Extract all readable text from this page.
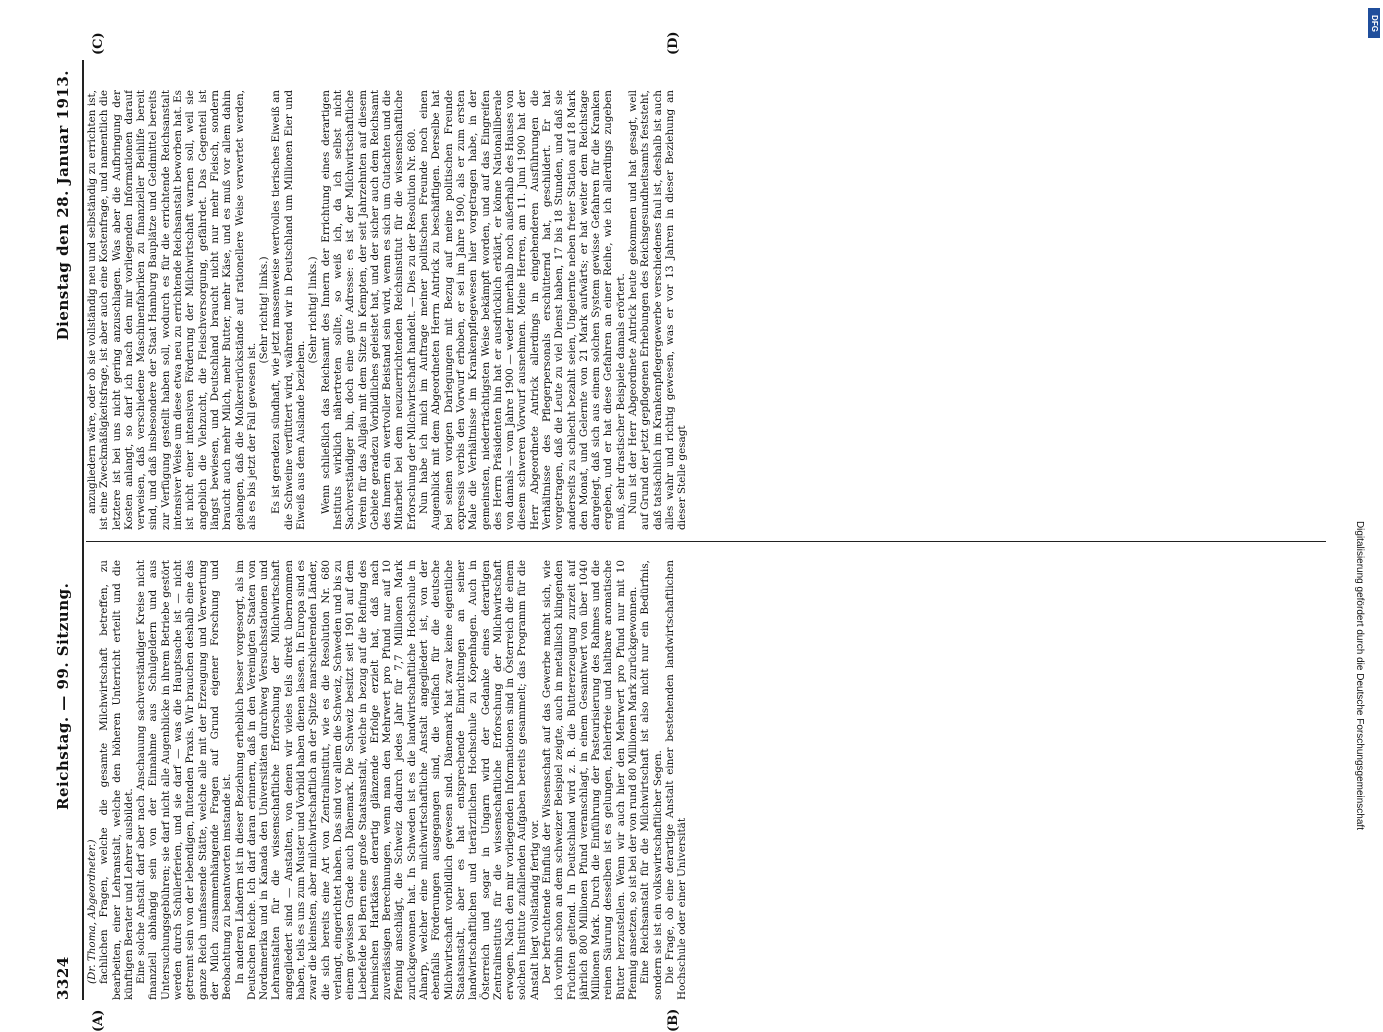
3324
Reichstag. — 99. Sitzung.
Dienstag den 28. Januar 1913.
(A)	(B)
(C)	(D)

(Dr. Thoma, Abgeordneter.) fachlichen Fragen, welche die gesamte Milchwirtschaft betreffen, zu bearbeiten, einer Lehranstalt, welche den höheren Unterricht erteilt und die künftigen Berater und Lehrer ausbildet. Eine solche Anstalt darf aber nach Anschauung sachverständiger Kreise nicht finanziell abhängig sein von der Einnahme aus Schulgeldern und aus Untersuchungsgebühren; sie darf nicht alle Augenblicke in ihrem Betriebe gestört werden durch Schülerferien, und sie darf — was die Hauptsache ist — nicht getrennt sein von der lebendigen, flutenden Praxis. Wir brauchen deshalb eine das ganze Reich umfassende Stätte, welche alle mit der Erzeugung und Verwertung der Milch zusammenhängende Fragen auf Grund eigener Forschung und Beobachtung zu beantworten imstande ist. In anderen Ländern ist in dieser Beziehung erheblich besser vorgesorgt, als im Deutschen Reiche. Ich darf daran erinnern, daß in den Vereinigten Staaten von Nordamerika und in Kanada den Universitäten durchweg Versuchsstationen und Lehranstalten für die wissenschaftliche Erforschung der Milchwirtschaft angegliedert sind — Anstalten, von denen wir vieles teils direkt übernommen haben, teils es uns zum Muster und Vorbild haben dienen lassen. In Europa sind es zwar die kleinsten, aber milchwirtschaftlich an der Spitze marschierenden Länder, die sich bereits eine Art von Zentralinstitut, wie es die Resolution Nr. 680 verlangt, eingerichtet haben. Das sind vor allem die Schweiz, Schweden und bis zu einem gewissen Grade auch Dänemark. Die Schweiz besitzt seit 1901 auf dem Liebefelde bei Bern eine große Staatsanstalt, welche in bezug auf die Reifung des heimischen Hartkäses derartig glänzende Erfolge erzielt hat, daß nach zuverlässigen Berechnungen, wenn man den Mehrwert pro Pfund nur auf 10 Pfennig anschlägt, die Schweiz dadurch jedes Jahr für 7,7 Millionen Mark zurückgewonnen hat. In Schweden ist es die landwirtschaftliche Hochschule in Alnarp, welcher eine milchwirtschaftliche Anstalt angegliedert ist, von der ebenfalls Förderungen ausgegangen sind, die vielfach für die deutsche Milchwirtschaft vorbildlich gewesen sind. Dänemark hat zwar keine eigentliche Staatsanstalt, aber es hat entsprechende Einrichtungen an seiner landwirtschaftlichen und tierärztlichen Hochschule zu Kopenhagen. Auch in Österreich und sogar in Ungarn wird der Gedanke eines derartigen Zentralinstituts für die wissenschaftliche Erforschung der Milchwirtschaft erwogen. Nach den mir vorliegenden Informationen sind in Österreich die einem solchen Institute zufallenden Aufgaben bereits gesammelt; das Programm für die Anstalt liegt vollständig fertig vor. Der befruchtende Einfluß der Wissenschaft auf das Gewerbe macht sich, wie ich vorhin schon an dem schweizer Beispiel zeigte, auch in metallisch klingenden Früchten geltend. In Deutschland wird z. B. die Buttererzeugung zurzeit auf jährlich 800 Millionen Pfund veranschlagt, in einem Gesamtwert von über 1040 Millionen Mark. Durch die Einführung der Pasteurisierung des Rahmes und die reinen Säurung desselben ist es gelungen, fehlerfreie und haltbare aromatische Butter herzustellen. Wenn wir auch hier den Mehrwert pro Pfund nur mit 10 Pfennig ansetzen, so ist bei der von rund 80 Millionen Mark zurückgewonnen. Eine Reichsanstalt für die Milchwirtschaft ist also nicht nur ein Bedürfnis, sondern sie ist ein volkswirtschaftlicher Segen. Die Frage, ob eine derartige Anstalt einer bestehenden landwirtschaftlichen Hochschule oder einer Universität

anzugliedern wäre, oder ob sie vollständig neu und selbständig zu errichten ist, ist eine Zweckmäßigkeitsfrage, ist aber auch eine Kostenfrage, und namentlich die letztere ist bei uns nicht gering anzuschlagen. Was aber die Aufbringung der Kosten anlangt, so darf ich nach den mir vorliegenden Informationen darauf verweisen, daß verschiedene Maschinenfabriken zu finanzieller Beihilfe bereit sind, und daß insbesondere der Staat Hamburg Bauplätze und Geldmittel bereits zur Verfügung gestellt haben soll, wodurch es für die errichtende Reichsanstalt intensiver Weise um diese etwa neu zu errichtende Reichsanstalt beworben hat. Es ist nicht einer intensiven Förderung der Milchwirtschaft warnen soll, weil sie angeblich die Viehzucht, die Fleischversorgung, gefährdet. Das Gegenteil ist längst bewiesen, und Deutschland braucht nicht nur mehr Fleisch, sondern braucht auch mehr Milch, mehr Butter, mehr Käse, und es muß vor allem dahin gelangen, daß die Molkereirückstände auf rationellere Weise verwertet werden, als es bis jetzt der Fall gewesen ist.

(Sehr richtig! links.) Es ist geradezu sündhaft, wie jetzt massenweise wertvolles tierisches Eiweiß an die Schweine verfüttert wird, während wir in Deutschland um Millionen Eier und Eiweiß aus dem Auslande beziehen.

(Sehr richtig! links.) Wenn schließlich das Reichsamt des Innern der Errichtung eines derartigen Instituts wirklich nähertreten sollte, so weiß ich, da ich selbst nicht Sachverständiger bin, doch eine gute Adresse: es ist der Milchwirtschaftliche Verein für das Allgäu mit dem Sitze in Kempten, der seit Jahrzehnten auf diesem Gebiete geradezu Vorbildliches geleistet hat, und der sicher auch dem Reichsamt des Innern ein wertvoller Beistand sein wird, wenn es sich um Gutachten und die Mitarbeit bei dem neuzuerrichtenden Reichsinstitut für die wissenschaftliche Erforschung der Milchwirtschaft handelt. — Dies zu der Resolution Nr. 680. Nun habe ich mich im Auftrage meiner politischen Freunde noch einen Augenblick mit dem Abgeordneten Herrn Antrick zu beschäftigen. Derselbe hat bei seinen vorigen Darlegungen mit Bezug auf meine politischen Freunde expressis verbis den Vorwurf erhoben, er sei im Jahre 1900, als er zum ersten Male die Verhältnisse im Krankenpflegewesen hier vorgetragen habe, in der gemeinsten, niederträchtigsten Weise bekämpft worden, und auf das Eingreifen des Herrn Präsidenten hin hat er ausdrücklich erklärt, er könne Nationalliberale von damals — vom Jahre 1900 — weder innerhalb noch außerhalb des Hauses von diesem schweren Vorwurf ausnehmen. Meine Herren, am 11. Juni 1900 hat der Herr Abgeordnete Antrick allerdings in eingehenderen Ausführungen die Verhältnisse des Pflegerpersonals erschütternd hat, geschildert. Er hat vorgetragen, daß die Leute zu viel Dienst haben, 17 bis 18 Stunden, und daß sie anderseits zu schlecht bezahlt seien, Ungelernte neben freier Station auf 18 Mark den Monat, und Gelernte von 21 Mark aufwärts; er hat weiter dem Reichstage dargelegt, daß sich aus einem solchen System gewisse Gefahren für die Kranken ergeben, und er hat diese Gefahren an einer Reihe, wie ich allerdings zugeben muß, sehr drastischer Beispiele damals erörtert. Nun ist der Herr Abgeordnete Antrick heute gekommen und hat gesagt, weil auf Grund der jetzt gepflogenen Erhebungen des Reichsgesundheitsamts feststeht, daß tatsächlich im Krankenpflegergewerbe verschiedenes faul ist, deshalb ist auch alles wahr und richtig gewesen, was er vor 13 Jahren in dieser Beziehung an dieser Stelle gesagt

DFG
Digitalisierung gefördert durch die Deutsche Forschungsgemeinschaft
